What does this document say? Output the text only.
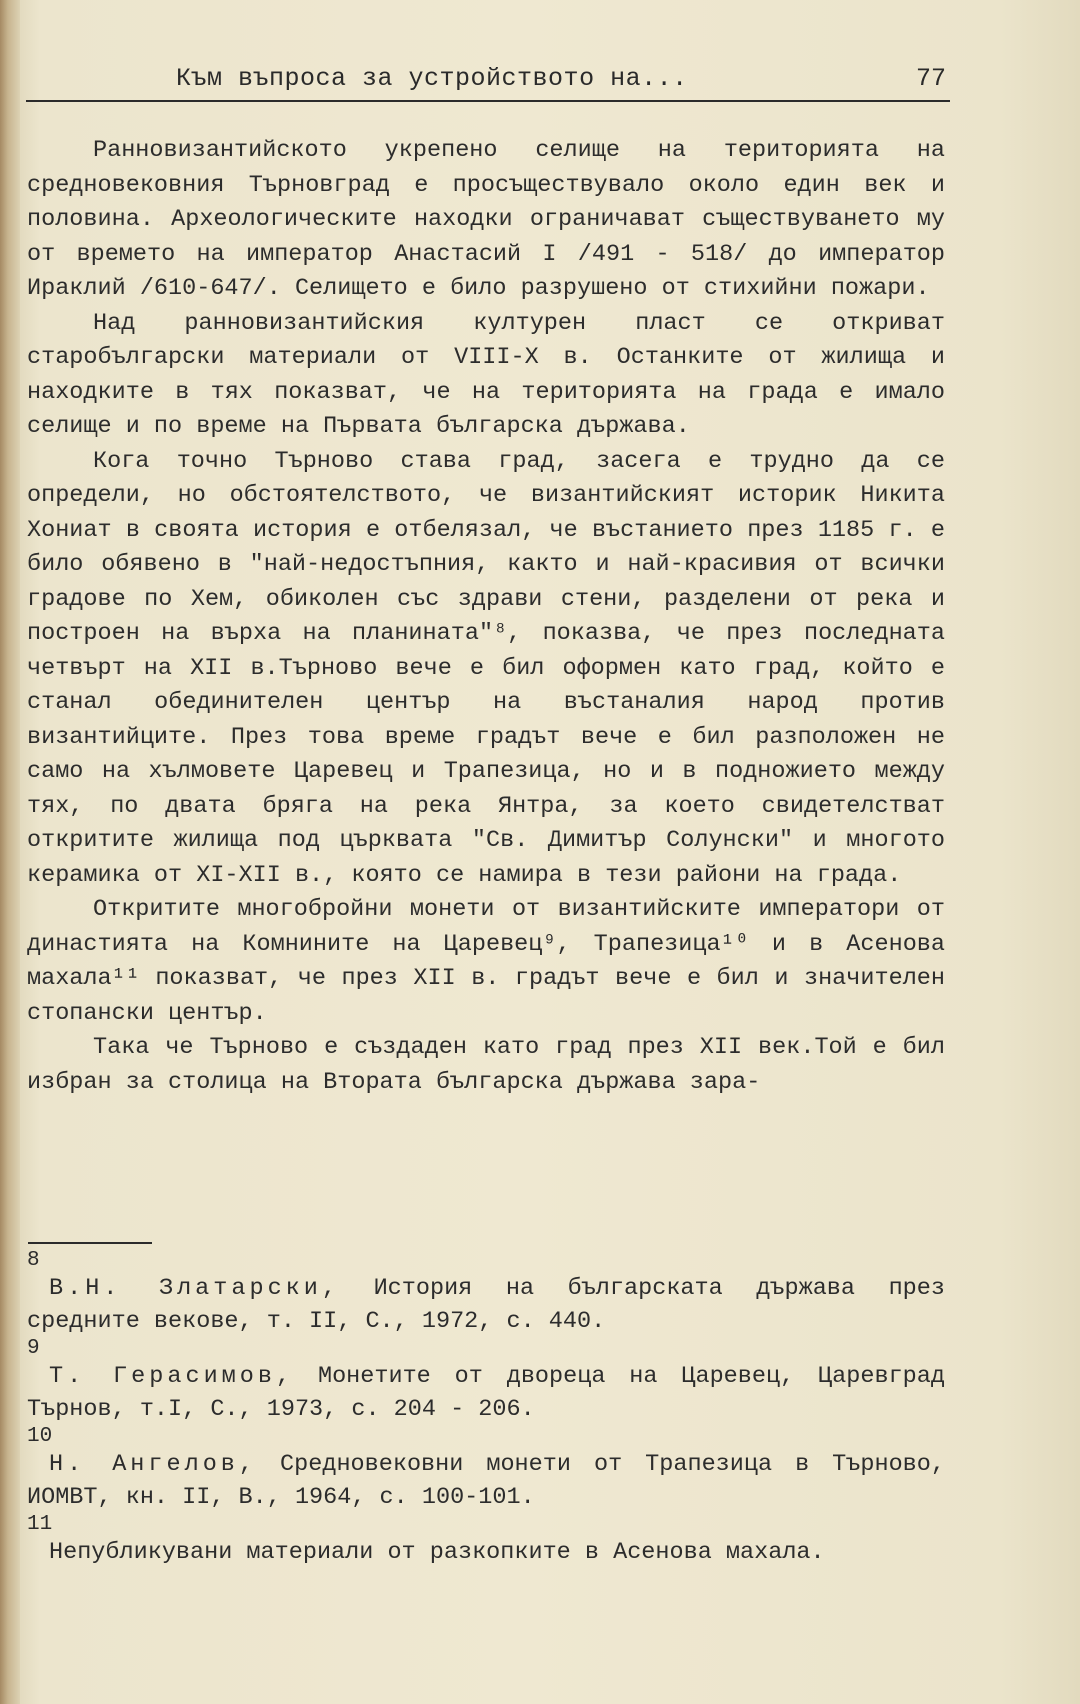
Към въпроса за устройството на...	77

Ранновизантийското укрепено селище на територията на средновековния Търновград е просъществувало около един век и половина. Археологическите находки ограничават съществуването му от времето на император Анастасий I /491 - 518/ до император Ираклий /610-647/. Селището е било разрушено от стихийни пожари.

Над ранновизантийския културен пласт се откриват старобългарски материали от VIII-Х в. Останките от жилища и находките в тях показват, че на територията на града е имало селище и по време на Първата българска държава.

Кога точно Търново става град, засега е трудно да се определи, но обстоятелството, че византийският историк Никита Хониат в своята история е отбелязал, че въстанието през 1185 г. е било обявено в "най-недостъпния, както и най-красивия от всички градове по Хем, обиколен със здрави стени, разделени от река и построен на върха на планината"⁸, показва, че през последната четвърт на XII в.Търново вече е бил оформен като град, който е станал обединителен център на въстаналия народ против византийците. През това време градът вече е бил разположен не само на хълмовете Царевец и Трапезица, но и в подножието между тях, по двата бряга на река Янтра, за което свидетелстват откритите жилища под църквата "Св. Димитър Солунски" и многото керамика от XI-XII в., която се намира в тези райони на града.

Откритите многобройни монети от византийските императори от династията на Комнините на Царевец⁹, Трапезица¹⁰ и в Асенова махала¹¹ показват, че през XII в. градът вече е бил и значителен стопански център.

Така че Търново е създаден като град през XII век.Той е бил избран за столица на Втората българска държава зара-

8
В.Н. Златарски, История на българската държава през средните векове, т. II, С., 1972, с. 440.
9
Т. Герасимов, Монетите от двореца на Царевец, Царевград Търнов, т.I, С., 1973, с. 204 - 206.
10
Н. Ангелов, Средновековни монети от Трапезица в Търново, ИОМВТ, кн. II, В., 1964, с. 100-101.
11
Непубликувани материали от разкопките в Асенова махала.
